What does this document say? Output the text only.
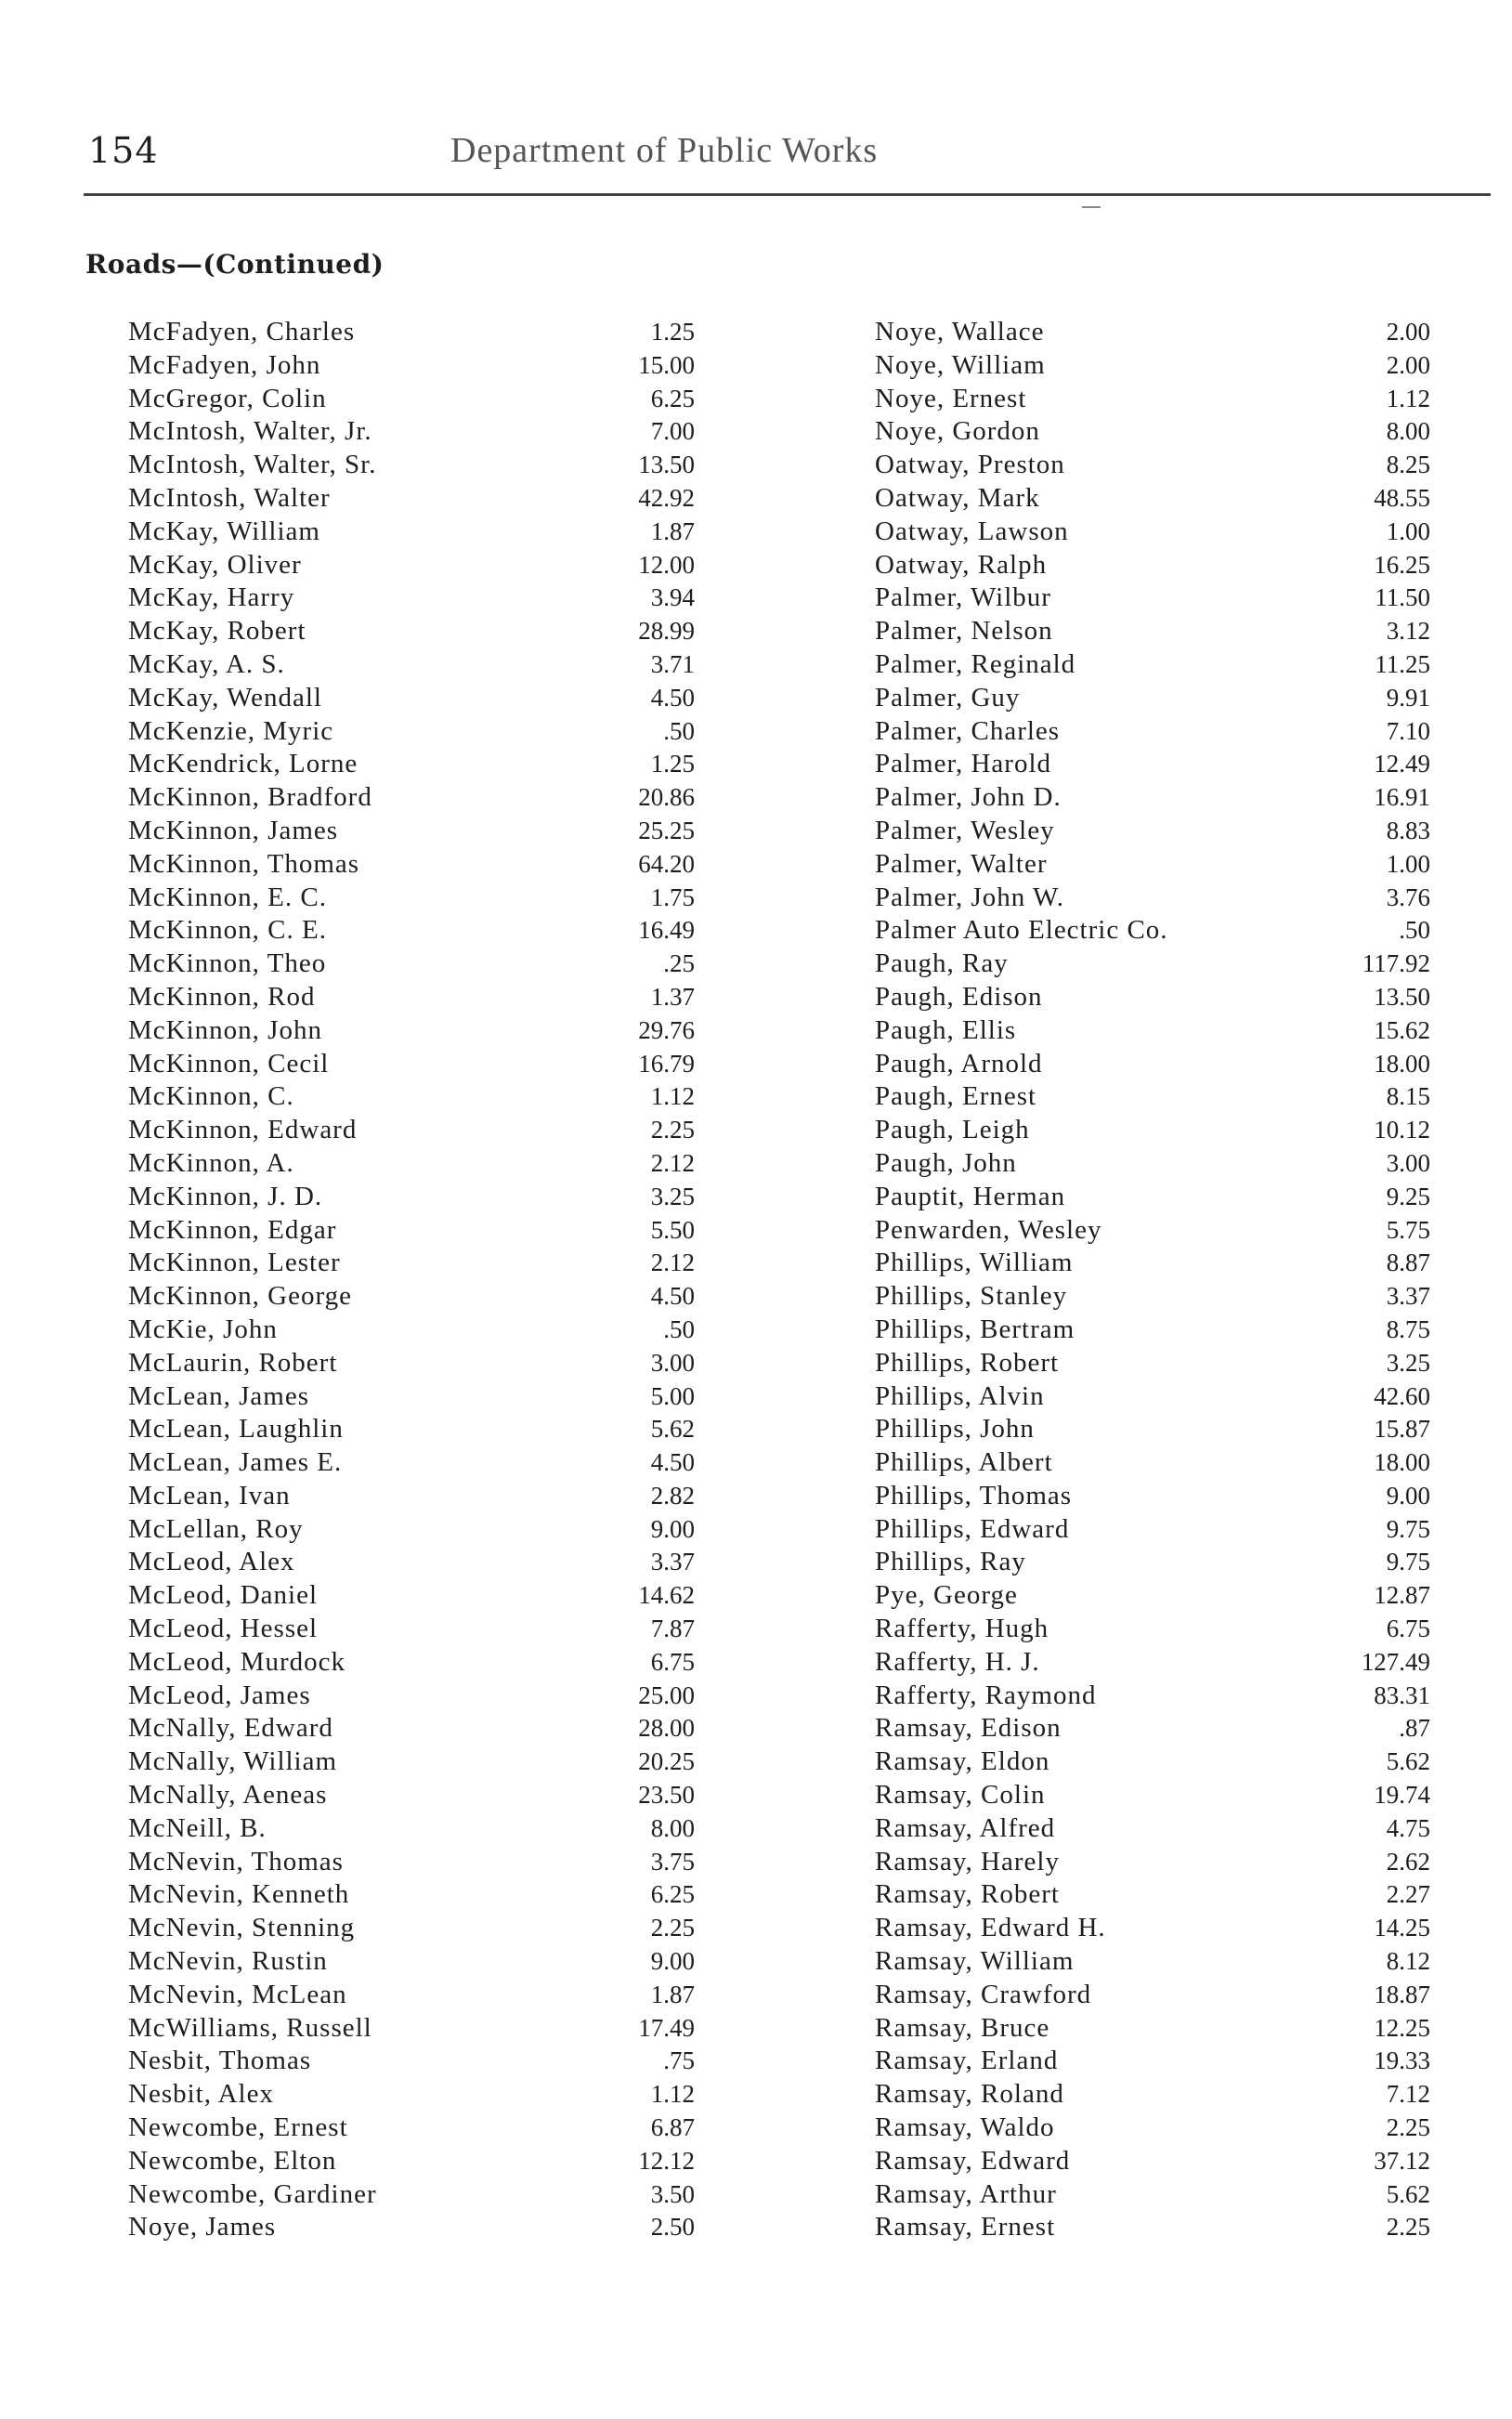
154	Department of Public Works
Roads—(Continued)
McFadyen, Charles	1.25
McFadyen, John	15.00
McGregor, Colin	6.25
McIntosh, Walter, Jr.	7.00
McIntosh, Walter, Sr.	13.50
McIntosh, Walter	42.92
McKay, William	1.87
McKay, Oliver	12.00
McKay, Harry	3.94
McKay, Robert	28.99
McKay, A. S.	3.71
McKay, Wendall	4.50
McKenzie, Myric	.50
McKendrick, Lorne	1.25
McKinnon, Bradford	20.86
McKinnon, James	25.25
McKinnon, Thomas	64.20
McKinnon, E. C.	1.75
McKinnon, C. E.	16.49
McKinnon, Theo	.25
McKinnon, Rod	1.37
McKinnon, John	29.76
McKinnon, Cecil	16.79
McKinnon, C.	1.12
McKinnon, Edward	2.25
McKinnon, A.	2.12
McKinnon, J. D.	3.25
McKinnon, Edgar	5.50
McKinnon, Lester	2.12
McKinnon, George	4.50
McKie, John	.50
McLaurin, Robert	3.00
McLean, James	5.00
McLean, Laughlin	5.62
McLean, James E.	4.50
McLean, Ivan	2.82
McLellan, Roy	9.00
McLeod, Alex	3.37
McLeod, Daniel	14.62
McLeod, Hessel	7.87
McLeod, Murdock	6.75
McLeod, James	25.00
McNally, Edward	28.00
McNally, William	20.25
McNally, Aeneas	23.50
McNeill, B.	8.00
McNevin, Thomas	3.75
McNevin, Kenneth	6.25
McNevin, Stenning	2.25
McNevin, Rustin	9.00
McNevin, McLean	1.87
McWilliams, Russell	17.49
Nesbit, Thomas	.75
Nesbit, Alex	1.12
Newcombe, Ernest	6.87
Newcombe, Elton	12.12
Newcombe, Gardiner	3.50
Noye, James	2.50
Noye, Wallace	2.00
Noye, William	2.00
Noye, Ernest	1.12
Noye, Gordon	8.00
Oatway, Preston	8.25
Oatway, Mark	48.55
Oatway, Lawson	1.00
Oatway, Ralph	16.25
Palmer, Wilbur	11.50
Palmer, Nelson	3.12
Palmer, Reginald	11.25
Palmer, Guy	9.91
Palmer, Charles	7.10
Palmer, Harold	12.49
Palmer, John D.	16.91
Palmer, Wesley	8.83
Palmer, Walter	1.00
Palmer, John W.	3.76
Palmer Auto Electric Co.	.50
Paugh, Ray	117.92
Paugh, Edison	13.50
Paugh, Ellis	15.62
Paugh, Arnold	18.00
Paugh, Ernest	8.15
Paugh, Leigh	10.12
Paugh, John	3.00
Pauptit, Herman	9.25
Penwarden, Wesley	5.75
Phillips, William	8.87
Phillips, Stanley	3.37
Phillips, Bertram	8.75
Phillips, Robert	3.25
Phillips, Alvin	42.60
Phillips, John	15.87
Phillips, Albert	18.00
Phillips, Thomas	9.00
Phillips, Edward	9.75
Phillips, Ray	9.75
Pye, George	12.87
Rafferty, Hugh	6.75
Rafferty, H. J.	127.49
Rafferty, Raymond	83.31
Ramsay, Edison	.87
Ramsay, Eldon	5.62
Ramsay, Colin	19.74
Ramsay, Alfred	4.75
Ramsay, Harely	2.62
Ramsay, Robert	2.27
Ramsay, Edward H.	14.25
Ramsay, William	8.12
Ramsay, Crawford	18.87
Ramsay, Bruce	12.25
Ramsay, Erland	19.33
Ramsay, Roland	7.12
Ramsay, Waldo	2.25
Ramsay, Edward	37.12
Ramsay, Arthur	5.62
Ramsay, Ernest	2.25
